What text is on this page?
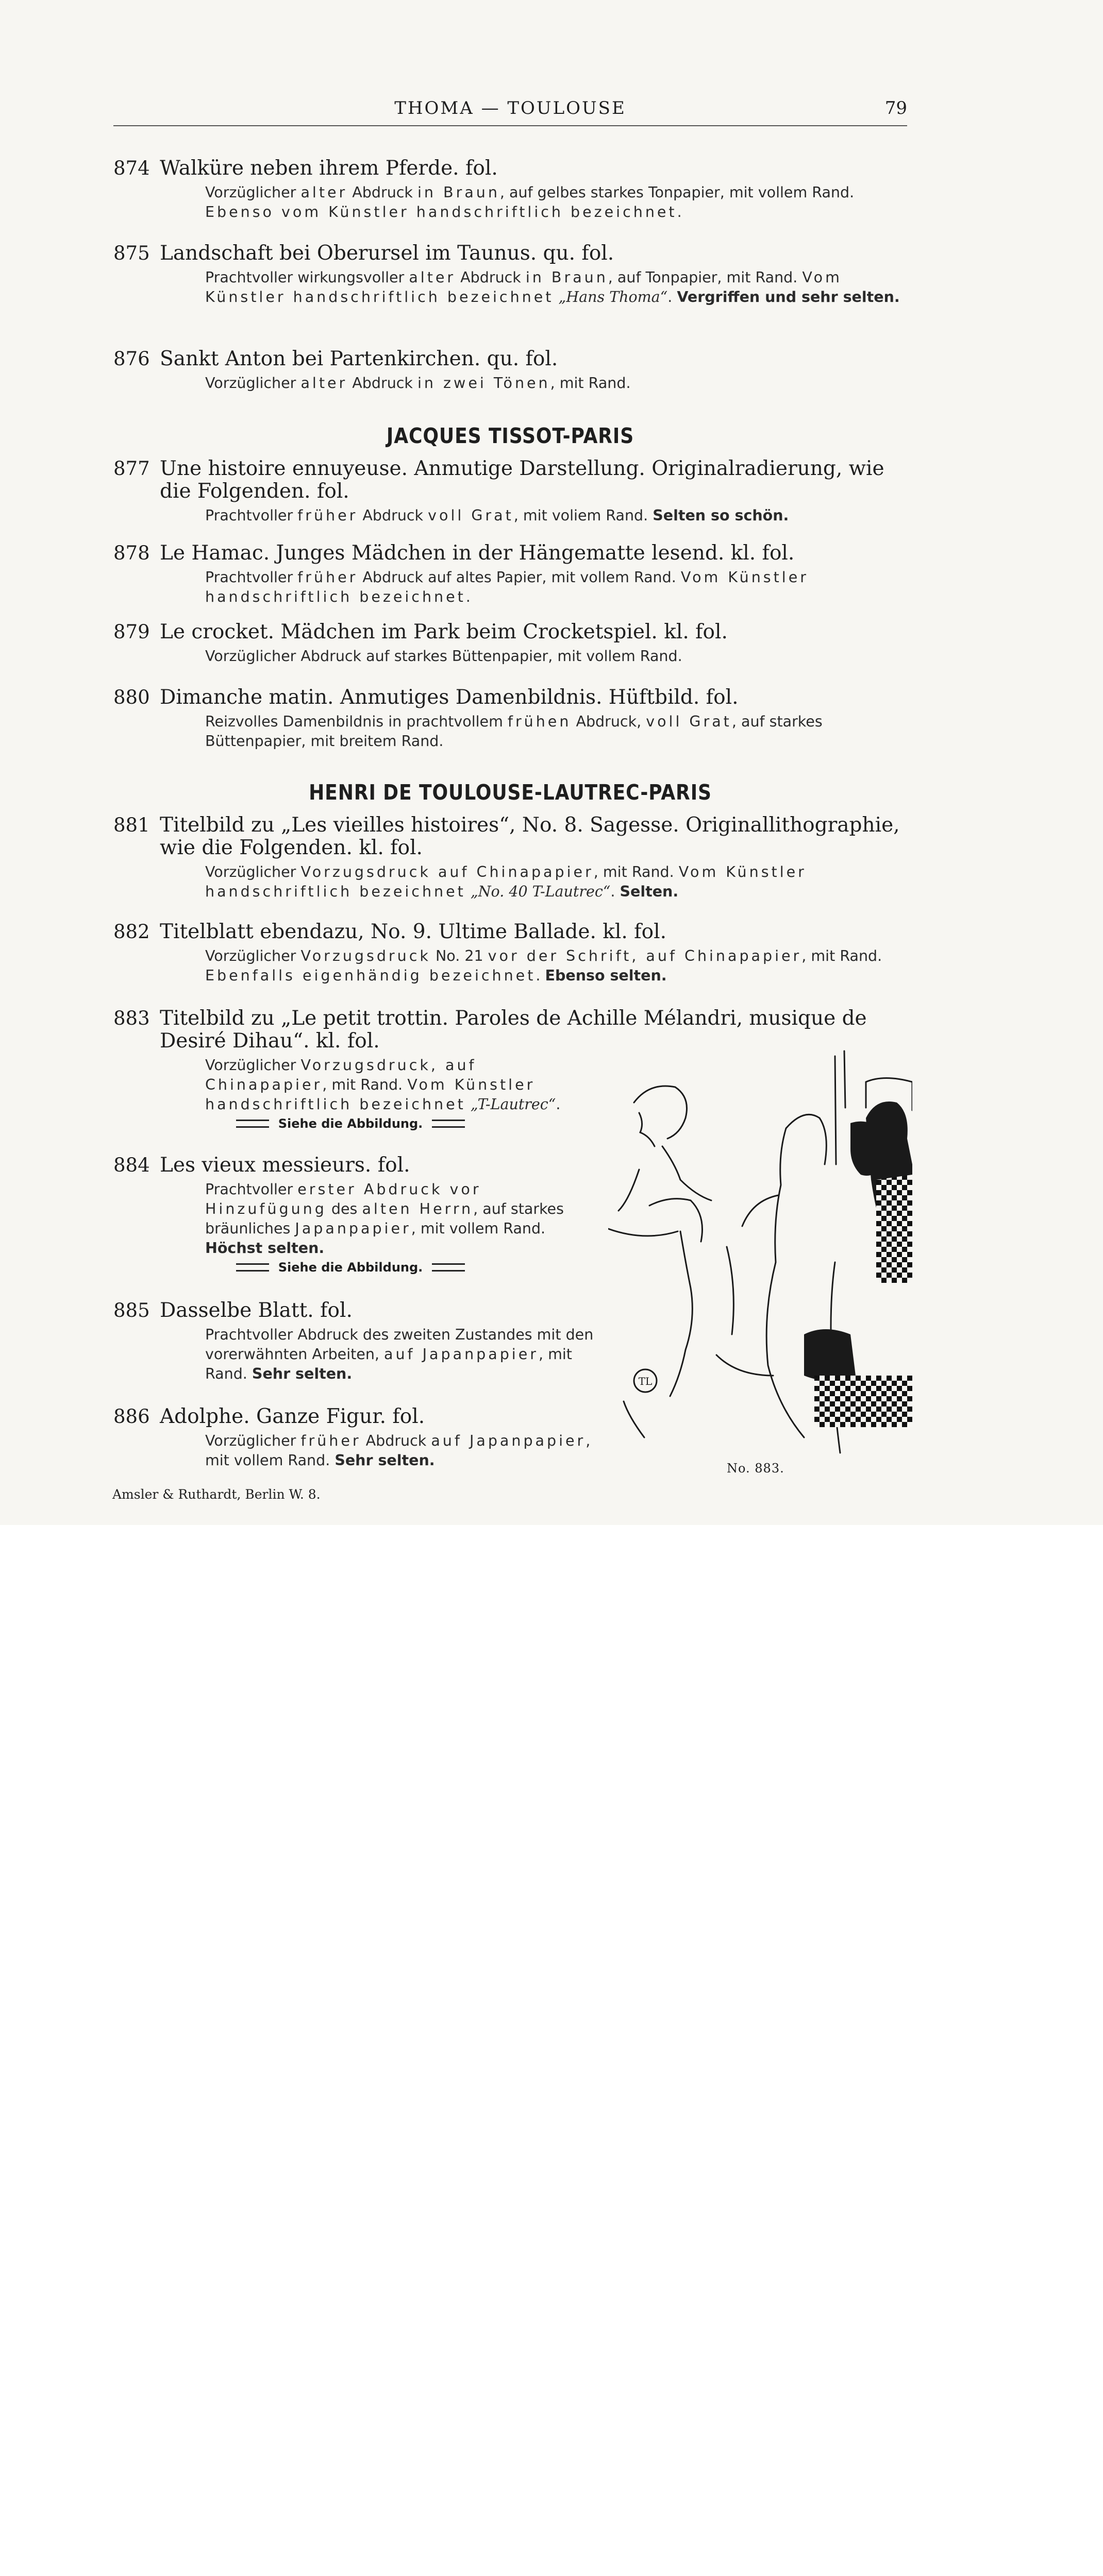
THOMA — TOULOUSE	79
874 Walküre neben ihrem Pferde. fol.
Vorzüglicher alter Abdruck in Braun, auf gelbes starkes Tonpapier, mit vollem Rand. Ebenso vom Künstler handschriftlich bezeichnet.
875 Landschaft bei Oberursel im Taunus. qu. fol.
Prachtvoller wirkungsvoller alter Abdruck in Braun, auf Tonpapier, mit Rand. Vom Künstler handschriftlich bezeichnet „Hans Thoma“. Vergriffen und sehr selten.
876 Sankt Anton bei Partenkirchen. qu. fol.
Vorzüglicher alter Abdruck in zwei Tönen, mit Rand.
JACQUES TISSOT-PARIS
877 Une histoire ennuyeuse. Anmutige Darstellung. Originalradierung, wie die Folgenden. fol.
Prachtvoller früher Abdruck voll Grat, mit voliem Rand. Selten so schön.
878 Le Hamac. Junges Mädchen in der Hängematte lesend. kl. fol.
Prachtvoller früher Abdruck auf altes Papier, mit vollem Rand. Vom Künstler handschriftlich bezeichnet.
879 Le crocket. Mädchen im Park beim Crocketspiel. kl. fol.
Vorzüglicher Abdruck auf starkes Büttenpapier, mit vollem Rand.
880 Dimanche matin. Anmutiges Damenbildnis. Hüftbild. fol.
Reizvolles Damenbildnis in prachtvollem frühen Abdruck, voll Grat, auf starkes Büttenpapier, mit breitem Rand.
HENRI DE TOULOUSE-LAUTREC-PARIS
881 Titelbild zu „Les vieilles histoires“, No. 8. Sagesse. Originallithographie, wie die Folgenden. kl. fol.
Vorzüglicher Vorzugsdruck auf Chinapapier, mit Rand. Vom Künstler handschriftlich bezeichnet „No. 40 T-Lautrec“. Selten.
882 Titelblatt ebendazu, No. 9. Ultime Ballade. kl. fol.
Vorzüglicher Vorzugsdruck No. 21 vor der Schrift, auf Chinapapier, mit Rand. Ebenfalls eigenhändig bezeichnet. Ebenso selten.
883 Titelbild zu „Le petit trottin. Paroles de Achille Mélandri, musique de Desiré Dihau“. kl. fol.
Vorzüglicher Vorzugsdruck, auf Chinapapier, mit Rand. Vom Künstler handschriftlich bezeichnet „T-Lautrec“.
Siehe die Abbildung.
884 Les vieux messieurs. fol.
Prachtvoller erster Abdruck vor Hinzufügung des alten Herrn, auf starkes bräunliches Japanpapier, mit vollem Rand. Höchst selten.
Siehe die Abbildung.
885 Dasselbe Blatt. fol.
Prachtvoller Abdruck des zweiten Zustandes mit den vorerwähnten Arbeiten, auf Japanpapier, mit Rand. Sehr selten.
886 Adolphe. Ganze Figur. fol.
Vorzüglicher früher Abdruck auf Japanpapier, mit vollem Rand. Sehr selten.
TL
No. 883.
Amsler & Ruthardt, Berlin W. 8.
